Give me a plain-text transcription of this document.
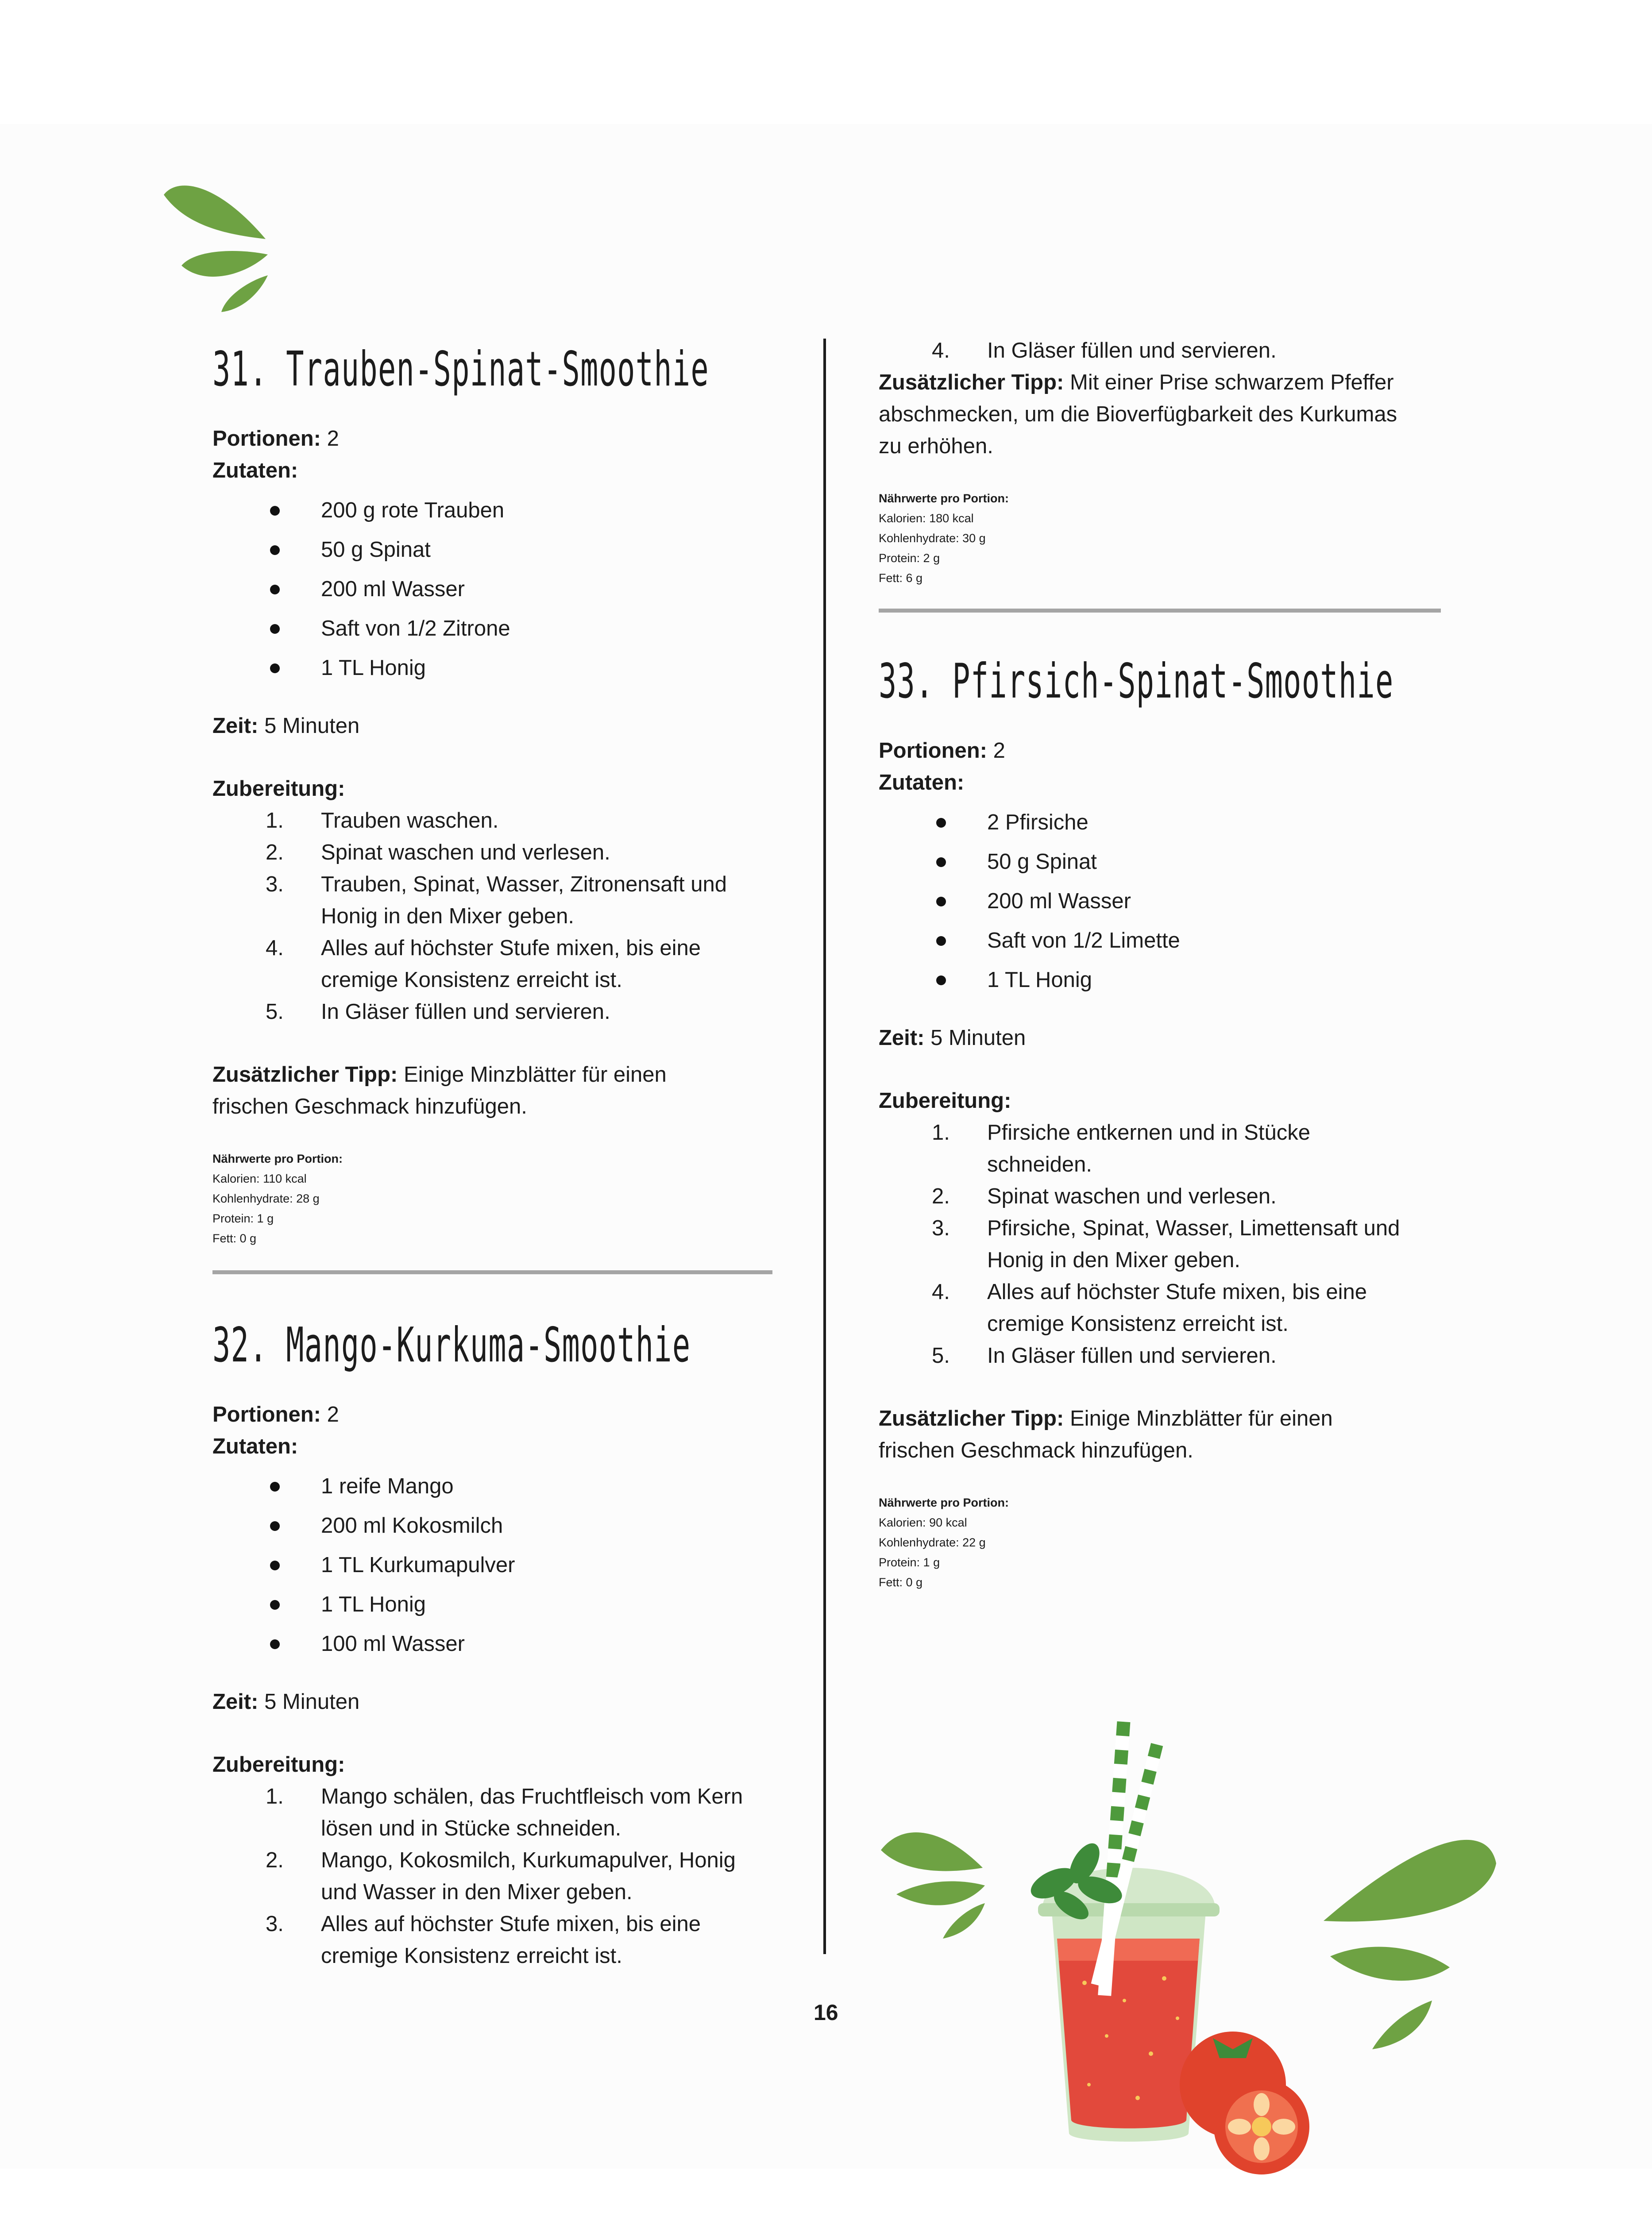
31. Trauben-Spinat-Smoothie

Portionen: 2

Zutaten:

200 g rote Trauben
50 g Spinat
200 ml Wasser
Saft von 1/2 Zitrone
1 TL Honig

Zeit: 5 Minuten

Zubereitung:

1. Trauben waschen.
2. Spinat waschen und verlesen.
3. Trauben, Spinat, Wasser, Zitronensaft und
Honig in den Mixer geben.
4. Alles auf höchster Stufe mixen, bis eine
cremige Konsistenz erreicht ist.
5. In Gläser füllen und servieren.

Zusätzlicher Tipp: Einige Minzblätter für einen
frischen Geschmack hinzufügen.

Nährwerte pro Portion:

Kalorien: 110 kcal

Kohlenhydrate: 28 g

Protein: 1 g

Fett: 0 g

32. Mango-Kurkuma-Smoothie

Portionen: 2

Zutaten:

1 reife Mango
200 ml Kokosmilch
1 TL Kurkumapulver
1 TL Honig
100 ml Wasser

Zeit: 5 Minuten

Zubereitung:

1. Mango schälen, das Fruchtfleisch vom Kern
lösen und in Stücke schneiden.
2. Mango, Kokosmilch, Kurkumapulver, Honig
und Wasser in den Mixer geben.
3. Alles auf höchster Stufe mixen, bis eine
cremige Konsistenz erreicht ist.
4. In Gläser füllen und servieren.

Zusätzlicher Tipp: Mit einer Prise schwarzem Pfeffer
abschmecken, um die Bioverfügbarkeit des Kurkumas
zu erhöhen.

Nährwerte pro Portion:

Kalorien: 180 kcal

Kohlenhydrate: 30 g

Protein: 2 g

Fett: 6 g

33. Pfirsich-Spinat-Smoothie

Portionen: 2

Zutaten:

2 Pfirsiche
50 g Spinat
200 ml Wasser
Saft von 1/2 Limette
1 TL Honig

Zeit: 5 Minuten

Zubereitung:

1. Pfirsiche entkernen und in Stücke
schneiden.
2. Spinat waschen und verlesen.
3. Pfirsiche, Spinat, Wasser, Limettensaft und
Honig in den Mixer geben.
4. Alles auf höchster Stufe mixen, bis eine
cremige Konsistenz erreicht ist.
5. In Gläser füllen und servieren.

Zusätzlicher Tipp: Einige Minzblätter für einen
frischen Geschmack hinzufügen.

Nährwerte pro Portion:

Kalorien: 90 kcal

Kohlenhydrate: 22 g

Protein: 1 g

Fett: 0 g

16
